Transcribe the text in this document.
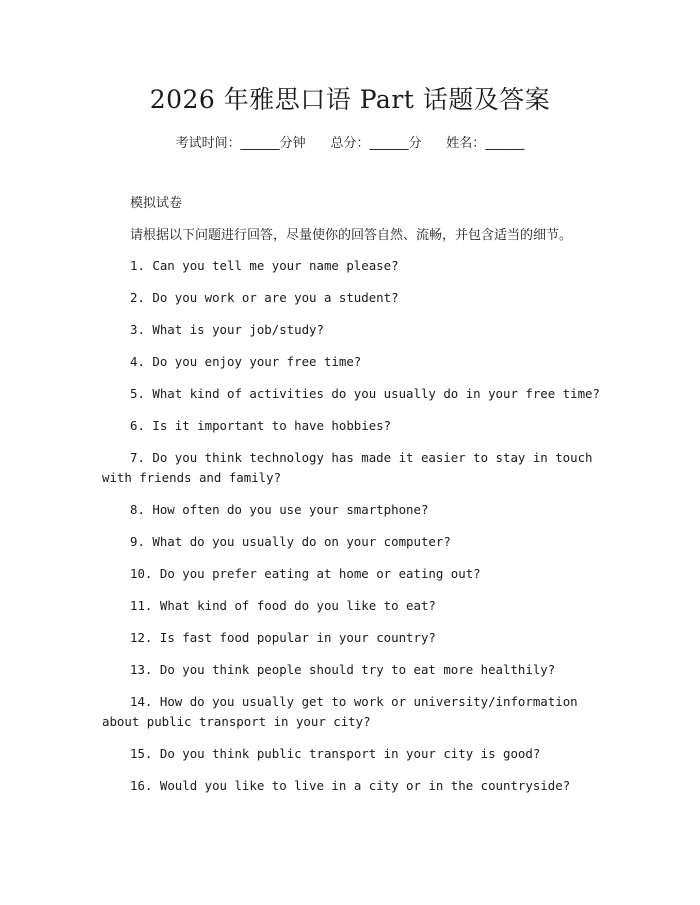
2026 年雅思口语 Part 话题及答案
考试时间：______分钟 总分：______分 姓名：______
模拟试卷
请根据以下问题进行回答，尽量使你的回答自然、流畅，并包含适当的细节。
1. Can you tell me your name please?
2. Do you work or are you a student?
3. What is your job/study?
4. Do you enjoy your free time?
5. What kind of activities do you usually do in your free time?
6. Is it important to have hobbies?
7. Do you think technology has made it easier to stay in touch with friends and family?
8. How often do you use your smartphone?
9. What do you usually do on your computer?
10. Do you prefer eating at home or eating out?
11. What kind of food do you like to eat?
12. Is fast food popular in your country?
13. Do you think people should try to eat more healthily?
14. How do you usually get to work or university/information about public transport in your city?
15. Do you think public transport in your city is good?
16. Would you like to live in a city or in the countryside?
